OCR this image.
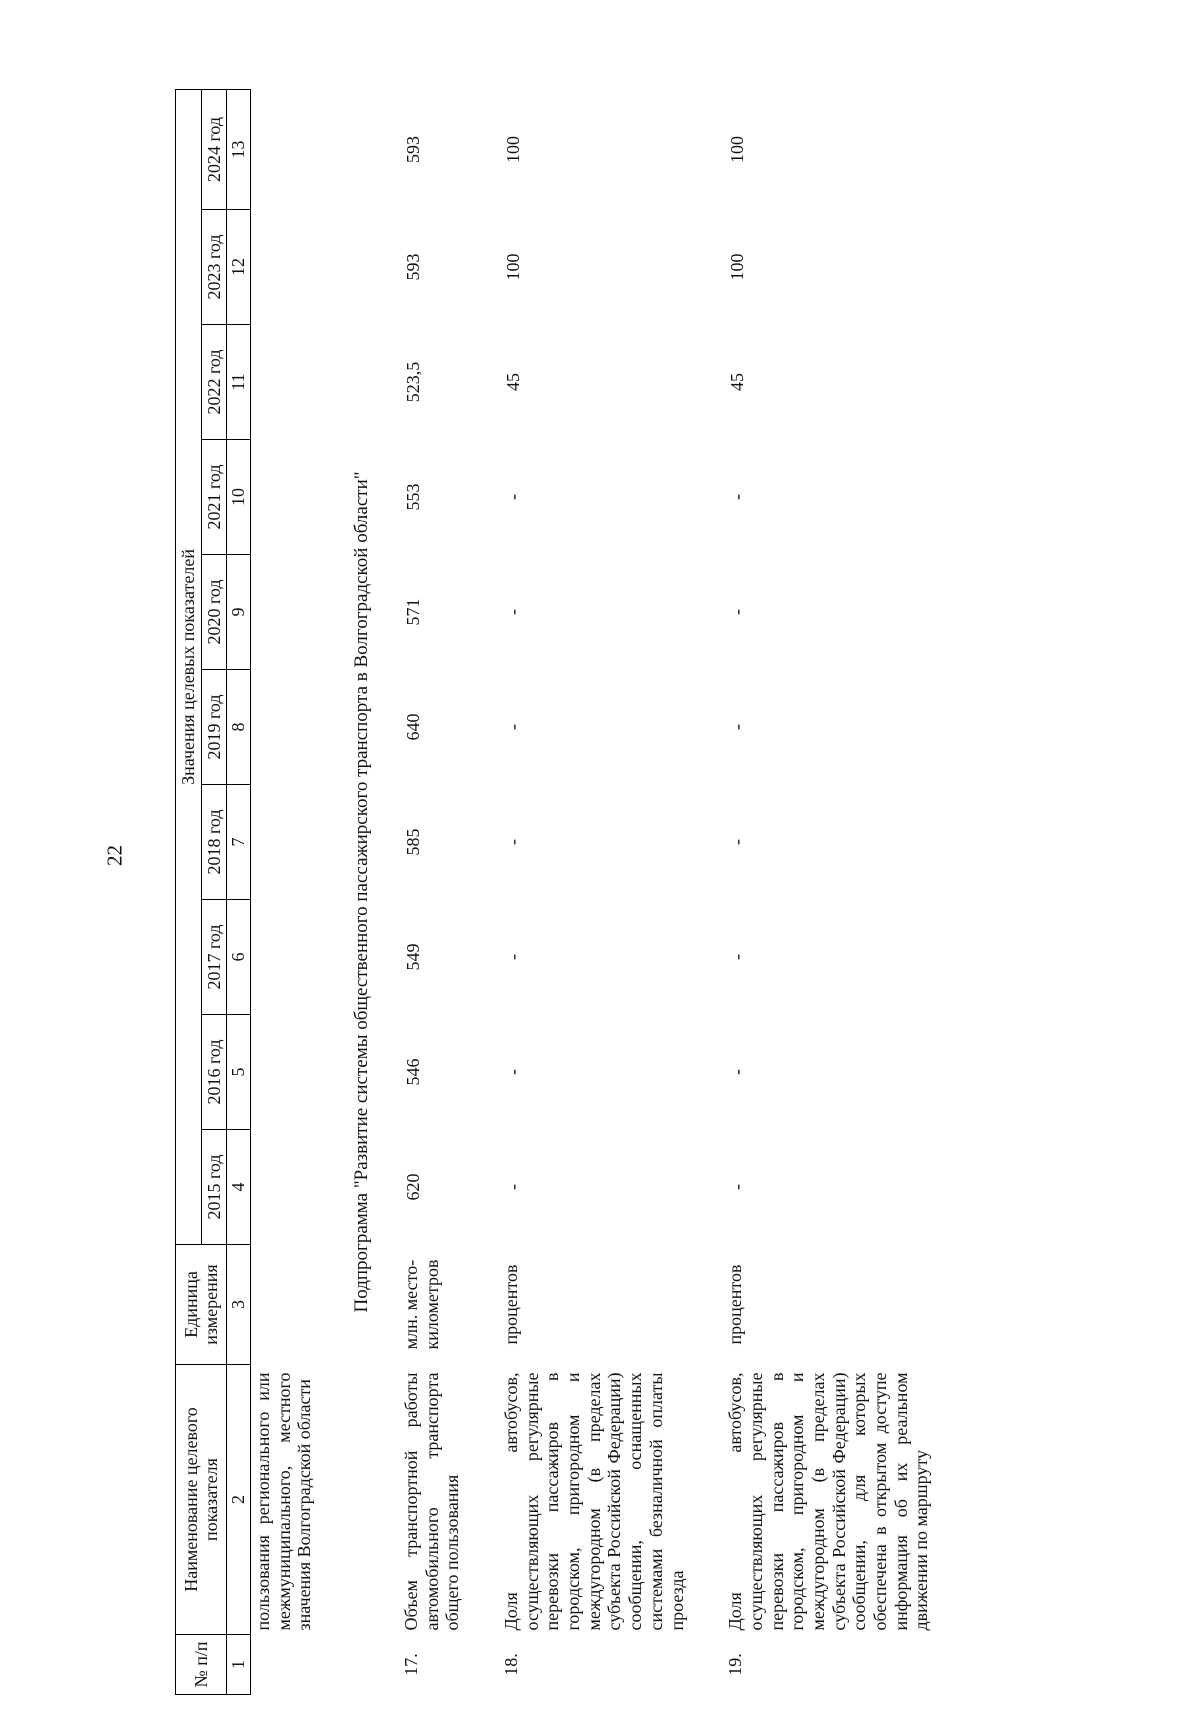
22
№ п/п	Наименование целевого показателя	Единица измерения	Значения целевых показателей									
			2015 год	2016 год	2017 год	2018 год	2019 год	2020 год	2021 год	2022 год	2023 год	2024 год
1	2	3	4	5	6	7	8	9	10	11	12	13
	пользования регионального или межмуниципального, местного значения Волгоградской области											
Подпрограмма "Развитие системы общественного пассажирского транспорта в Волгоградской области"												
17.	Объем транспортной работы автомобильного транспорта общего пользования	млн. место-километров	620	546	549	585	640	571	553	523,5	593	593

18.	Доля автобусов, осуществляющих регулярные перевозки пассажиров в городском, пригородном и междугородном (в пределах субъекта Российской Федерации) сообщении, оснащенных системами безналичной оплаты проезда	процентов	-	-	-	-	-	-	-	45	100	100

19.	Доля автобусов, осуществляющих регулярные перевозки пассажиров в городском, пригородном и междугородном (в пределах субъекта Российской Федерации) сообщении, для которых обеспечена в открытом доступе информация об их реальном движении по маршруту	процентов	-	-	-	-	-	-	-	45	100	100
